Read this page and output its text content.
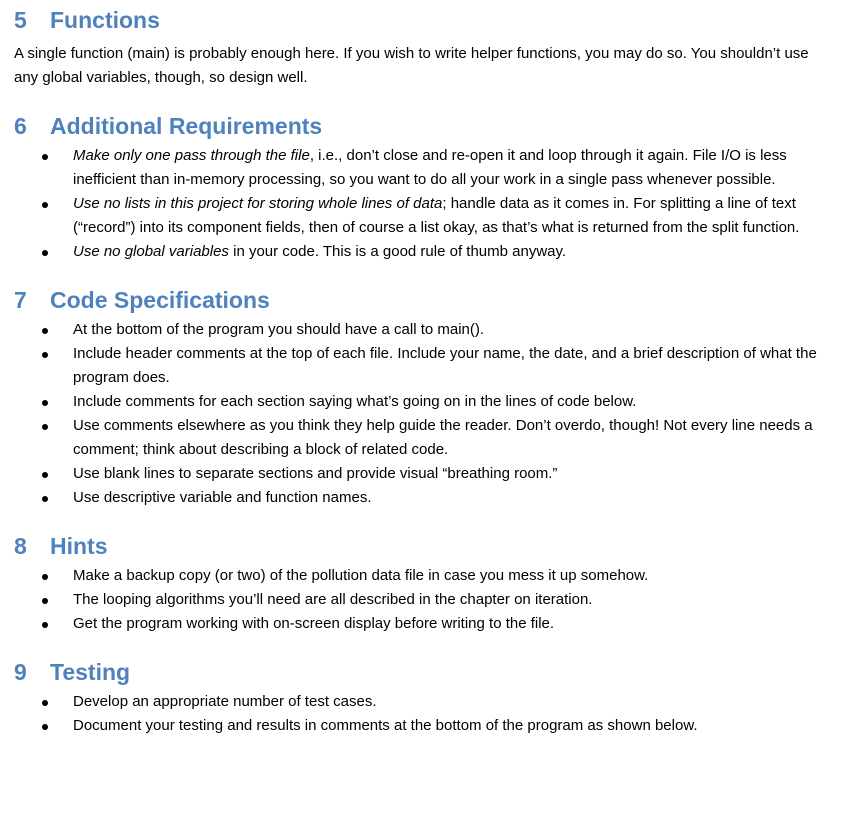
5	Functions

A single function (main) is probably enough here. If you wish to write helper functions, you may do so. You shouldn’t use any global variables, though, so design well.

6	Additional Requirements
Make only one pass through the file, i.e., don’t close and re-open it and loop through it again. File I/O is less inefficient than in-memory processing, so you want to do all your work in a single pass whenever possible.
Use no lists in this project for storing whole lines of data; handle data as it comes in. For splitting a line of text (“record”) into its component fields, then of course a list okay, as that’s what is returned from the split function.
Use no global variables in your code. This is a good rule of thumb anyway.
7	Code Specifications
At the bottom of the program you should have a call to main().
Include header comments at the top of each file. Include your name, the date, and a brief description of what the program does.
Include comments for each section saying what’s going on in the lines of code below.
Use comments elsewhere as you think they help guide the reader. Don’t overdo, though! Not every line needs a comment; think about describing a block of related code.
Use blank lines to separate sections and provide visual “breathing room.”
Use descriptive variable and function names.
8	Hints
Make a backup copy (or two) of the pollution data file in case you mess it up somehow.
The looping algorithms you’ll need are all described in the chapter on iteration.
Get the program working with on-screen display before writing to the file.
9	Testing
Develop an appropriate number of test cases.
Document your testing and results in comments at the bottom of the program as shown below.
